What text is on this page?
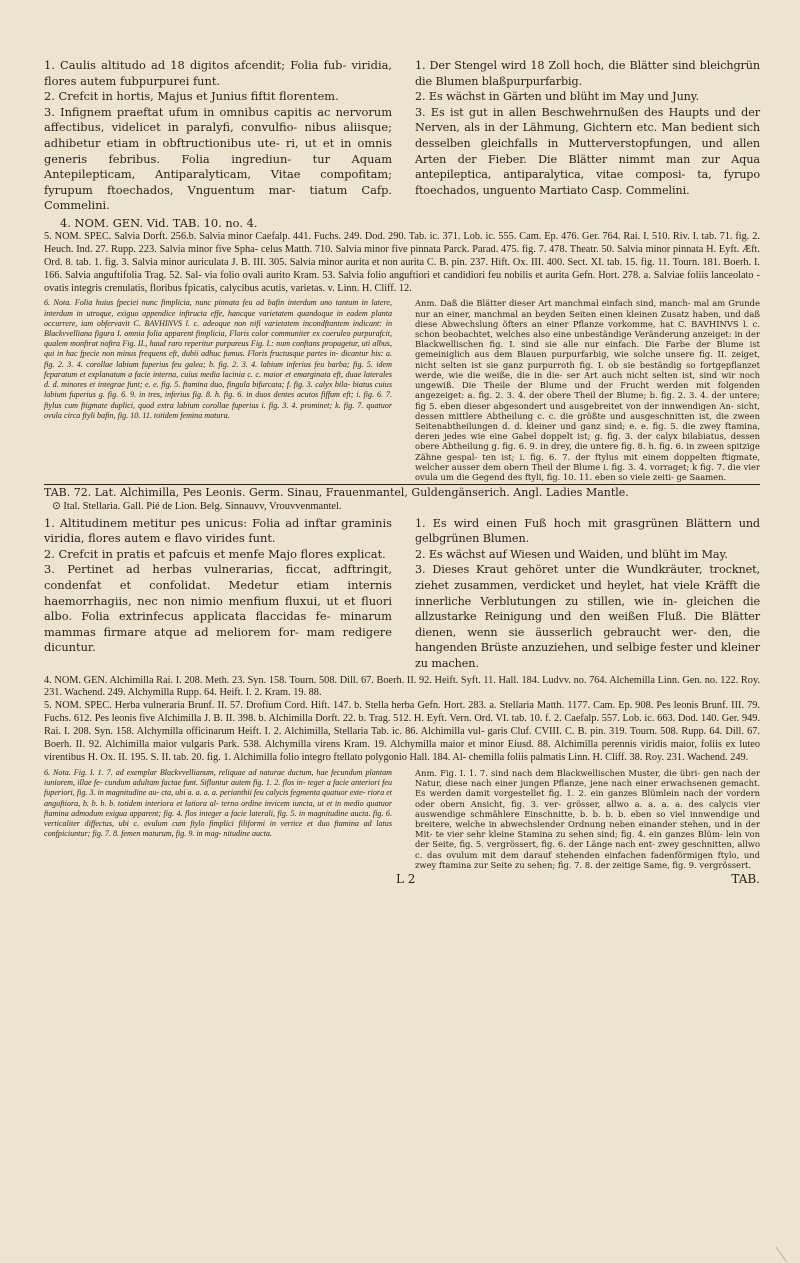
1. Caulis altitudo ad 18 digitos afcendit; Folia fub- viridia, flores autem fubpurpurei funt.

2. Crefcit in hortis, Majus et Junius fiftit florentem.

3. Infignem praeftat ufum in omnibus capitis ac nervorum affectibus, videlicet in paralyfi, convulfio- nibus aliisque; adhibetur etiam in obftructionibus ute- ri, ut et in omnis generis febribus. Folia ingrediun- tur Aquam Antepilepticam, Antiparalyticam, Vitae compofitam; fyrupum ftoechados, Vnguentum mar- tiatum Cafp. Commelini.

1. Der Stengel wird 18 Zoll hoch, die Blätter sind bleichgrün die Blumen blaßpurpurfarbig.

2. Es wächst in Gärten und blüht im May und Juny.

3. Es ist gut in allen Beschwehrnußen des Haupts und der Nerven, als in der Lähmung, Gichtern etc. Man bedient sich desselben gleichfalls in Mutterverstopfungen, und allen Arten der Fieber. Die Blätter nimmt man zur Aqua antepileptica, antiparalytica, vitae composi- ta, fyrupo ftoechados, unguento Martiato Casp. Commelini.

4. NOM. GEN. Vid. TAB. 10. no. 4.

5. NOM. SPEC. Salvia Dorft. 256.b. Salvia minor Caefalp. 441. Fuchs. 249. Dod. 290. Tab. ic. 371. Lob. ic. 555. Cam. Ep. 476. Ger. 764. Rai. I. 510. Riv. I. tab. 71. fig. 2. Heuch. Ind. 27. Rupp. 223. Salvia minor five Spha- celus Matth. 710. Salvia minor five pinnata Parck. Parad. 475. fig. 7. 478. Theatr. 50. Salvia minor pinnata H. Eyft. Æft. Ord. 8. tab. 1. fig. 3. Salvia minor auriculata J. B. III. 305. Salvia minor aurita et non aurita C. B. pin. 237. Hift. Ox. III. 400. Sect. XI. tab. 15. fig. 11. Tourn. 181. Boerh. I. 166. Salvia anguftifolia Trag. 52. Sal- via folio ovali aurito Kram. 53. Salvia folio anguftiori et candidiori feu nobilis et aurita Gefn. Hort. 278. a. Salviae foliis lanceolato - ovatis integris crenulatis, floribus fpicatis, calycibus acutis, varietas. v. Linn. H. Cliff. 12.

6. Nota. Folia huius fpeciei nunc fimplicia, nunc pinnata feu ad bafin interdum uno tantum in latere, interdum in utroque, exiguo appendice inftructa effe, hancque varietatem quandoque in eadem planta occurrere, iam obfervavit C. BAVHINVS l. c. adeoque non nifi varietatem incondftantem indicant: in Blackvvelliana figura I. omnia folia apparent fimplicia, Floris color communiter ex coeruleo purpurafcit, qualem monftrat noftra Fig. II., haud raro reperitur purpureus Fig. I.: num conftans propagetur, uti albus, qui in hac fpecie non minus frequens eft, dubii adhuc fumus. Floris fructusque partes in- dicantur his: a. fig. 2. 3. 4. corollae labium fuperius feu galea; b. fig. 2. 3. 4. labium inferius feu barba; fig. 5. idem feparatum et explanatum a facie interna, cuius media lacinia c. c. maior et emarginata eft, duae laterales d. d. minores et integrae funt; e. e. fig. 5. ftamina duo, fingula bifurcata; f. fig. 3. calyx bila- biatus cuius labium fuperius g. fig. 6. 9. in tres, inferius fig. 8. h. fig. 6. in duos dentes acutos fiffum eft; i. fig. 6. 7. ftylus cum ftigmate duplici, quod extra labium corollae fuperius i. fig. 3. 4. prominet; k. fig. 7. quatuor ovula circa ftyli bafin, fig. 10. 11. totidem femina matura.

Anm. Daß die Blätter dieser Art manchmal einfach sind, manch- mal am Grunde nur an einer, manchmal an beyden Seiten einen kleinen Zusatz haben, und daß diese Abwechslung öfters an einer Pflanze vorkomme, hat C. BAVHINVS l. c. schon beobachtet, welches also eine unbeständige Veränderung anzeiget: in der Blackwellischen fig. I. sind sie alle nur einfach. Die Farbe der Blume ist gemeiniglich aus dem Blauen purpurfarbig, wie solche unsere fig. II. zeiget, nicht selten ist sie ganz purpurroth fig. I. ob sie beständig so fortgepflanzet werde, wie die weiße, die in die- ser Art auch nicht selten ist, sind wir noch ungewiß. Die Theile der Blume und der Frucht werden mit folgenden angezeiget: a. fig. 2. 3. 4. der obere Theil der Blume; b. fig. 2. 3. 4. der untere; fig 5. eben dieser abgesondert und ausgebreitet von der innwendigen An- sicht, dessen mittlere Abtheilung c. c. die größte und ausgeschnitten ist, die zween Seitenabtheilungen d. d. kleiner und ganz sind; e. e. fig. 5. die zwey ftamina, deren jedes wie eine Gabel doppelt ist; g. fig. 3. der calyx bilabiatus, dessen obere Abtheilung g. fig. 6. 9. in drey, die untere fig. 8. h. fig. 6. in zween spitzige Zähne gespal- ten ist; i. fig. 6. 7. der ftylus mit einem doppelten ftigmate, welcher ausser dem obern Theil der Blume i. fig. 3. 4. vorraget; k fig. 7. die vier ovula um die Gegend des ftyli, fig. 10. 11. eben so viele zeiti- ge Saamen.

TAB. 72. Lat. Alchimilla, Pes Leonis. Germ. Sinau, Frauenmantel, Guldengänserich. Angl. Ladies Mantle.

⊙ Ital. Stellaria. Gall. Pié de Lion. Belg. Sinnauvv, Vrouvvenmantel.

1. Altitudinem metitur pes unicus: Folia ad inftar graminis viridia, flores autem e flavo virides funt.

2. Crefcit in pratis et pafcuis et menfe Majo flores explicat.

3. Pertinet ad herbas vulnerarias, ficcat, adftringit, condenfat et confolidat. Medetur etiam internis haemorrhagiis, nec non nimio menfium fluxui, ut et fluori albo. Folia extrinfecus applicata flaccidas fe- minarum mammas firmare atque ad meliorem for- mam redigere dicuntur.

1. Es wird einen Fuß hoch mit grasgrünen Blättern und gelbgrünen Blumen.

2. Es wächst auf Wiesen und Waiden, und blüht im May.

3. Dieses Kraut gehöret unter die Wundkräuter, trocknet, ziehet zusammen, verdicket und heylet, hat viele Kräfft die innerliche Verblutungen zu stillen, wie in- gleichen die allzustarke Reinigung und den weißen Fluß. Die Blätter dienen, wenn sie äusserlich gebraucht wer- den, die hangenden Brüste anzuziehen, und selbige fester und kleiner zu machen.

4. NOM. GEN. Alchimilla Rai. I. 208. Meth. 23. Syn. 158. Tourn. 508. Dill. 67. Boerh. II. 92. Heift. Syft. 11. Hall. 184. Ludvv. no. 764. Alchemilla Linn. Gen. no. 122. Roy. 231. Wachend. 249. Alchymilla Rupp. 64. Heift. I. 2. Kram. 19. 88.

5. NOM. SPEC. Herba vulneraria Brunf. II. 57. Drofium Cord. Hift. 147. b. Stella herba Gefn. Hort. 283. a. Stellaria Matth. 1177. Cam. Ep. 908. Pes leonis Brunf. III. 79. Fuchs. 612. Pes leonis five Alchimilla J. B. II. 398. b. Alchimilla Dorft. 22. b. Trag. 512. H. Eyft. Vern. Ord. VI. tab. 10. f. 2. Caefalp. 557. Lob. ic. 663. Dod. 140. Ger. 949. Rai. I. 208. Syn. 158. Alchymilla officinarum Heift. I. 2. Alchimilla, Stellaria Tab. ic. 86. Alchimilla vul- garis Cluf. CVIII. C. B. pin. 319. Tourn. 508. Rupp. 64. Dill. 67. Boerh. II. 92. Alchimilla maior vulgaris Park. 538. Alchymilla virens Kram. 19. Alchymilla maior et minor Eiusd. 88. Alchimilla perennis viridis maior, foliis ex luteo virentibus H. Ox. II. 195. S. II. tab. 20. fig. 1. Alchimilla folio integro ftellato polygonio Hall. 184. Al- chemilla foliis palmatis Linn. H. Cliff. 38. Roy. 231. Wachend. 249.

6. Nota. Fig. I. 1. 7. ad exemplar Blackvvellianum, reliquae ad naturae ductum, hae fecundum plantam iuniorem, illae fe- cundum adultam factae funt. Sifluntur autem fig. 1. 2. flos in- teger a facie anteriori feu fuperiori, fig. 3. in magnitudine au- cta, ubi a. a. a. a. perianthii feu calycis fegmenta quatuor exte- riora et anguftiora, b. b. b. b. totidem interiora et latiora al- terno ordine invicem iuncta, ut et in medio quatuor ftamina admodum exigua apparent; fig. 4. flos integer a facie laterali, fig. 5. in magnitudine aucta. fig. 6. verticaliter diffectus, ubi c. ovulum cum ftylo fimplici filiformi in vertice et duo ftamina ad latus confpiciuntur; fig. 7. 8. femen maturum, fig. 9. in mag- nitudine aucta.

Anm. Fig. I. 1. 7. sind nach dem Blackwellischen Muster, die übri- gen nach der Natur, diese nach einer jungen Pflanze, jene nach einer erwachsenen gemacht. Es werden damit vorgestellet fig. 1. 2. ein ganzes Blümlein nach der vordern oder obern Ansicht, fig. 3. ver- grösser, allwo a. a. a. a. des calycis vier auswendige schmählere Einschnitte, b. b. b. b. eben so viel innwendige und breitere, welche in abwechslender Ordnung neben einander stehen, und in der Mit- te vier sehr kleine Stamina zu sehen sind; fig. 4. ein ganzes Blüm- lein von der Seite, fig. 5. vergrössert, fig. 6. der Länge nach ent- zwey geschnitten, allwo c. das ovulum mit dem darauf stehenden einfachen fadenförmigen ftylo, und zwey ftamina zur Seite zu sehen; fig. 7. 8. der zeitige Same, fig. 9. vergrössert.

L 2	TAB.
